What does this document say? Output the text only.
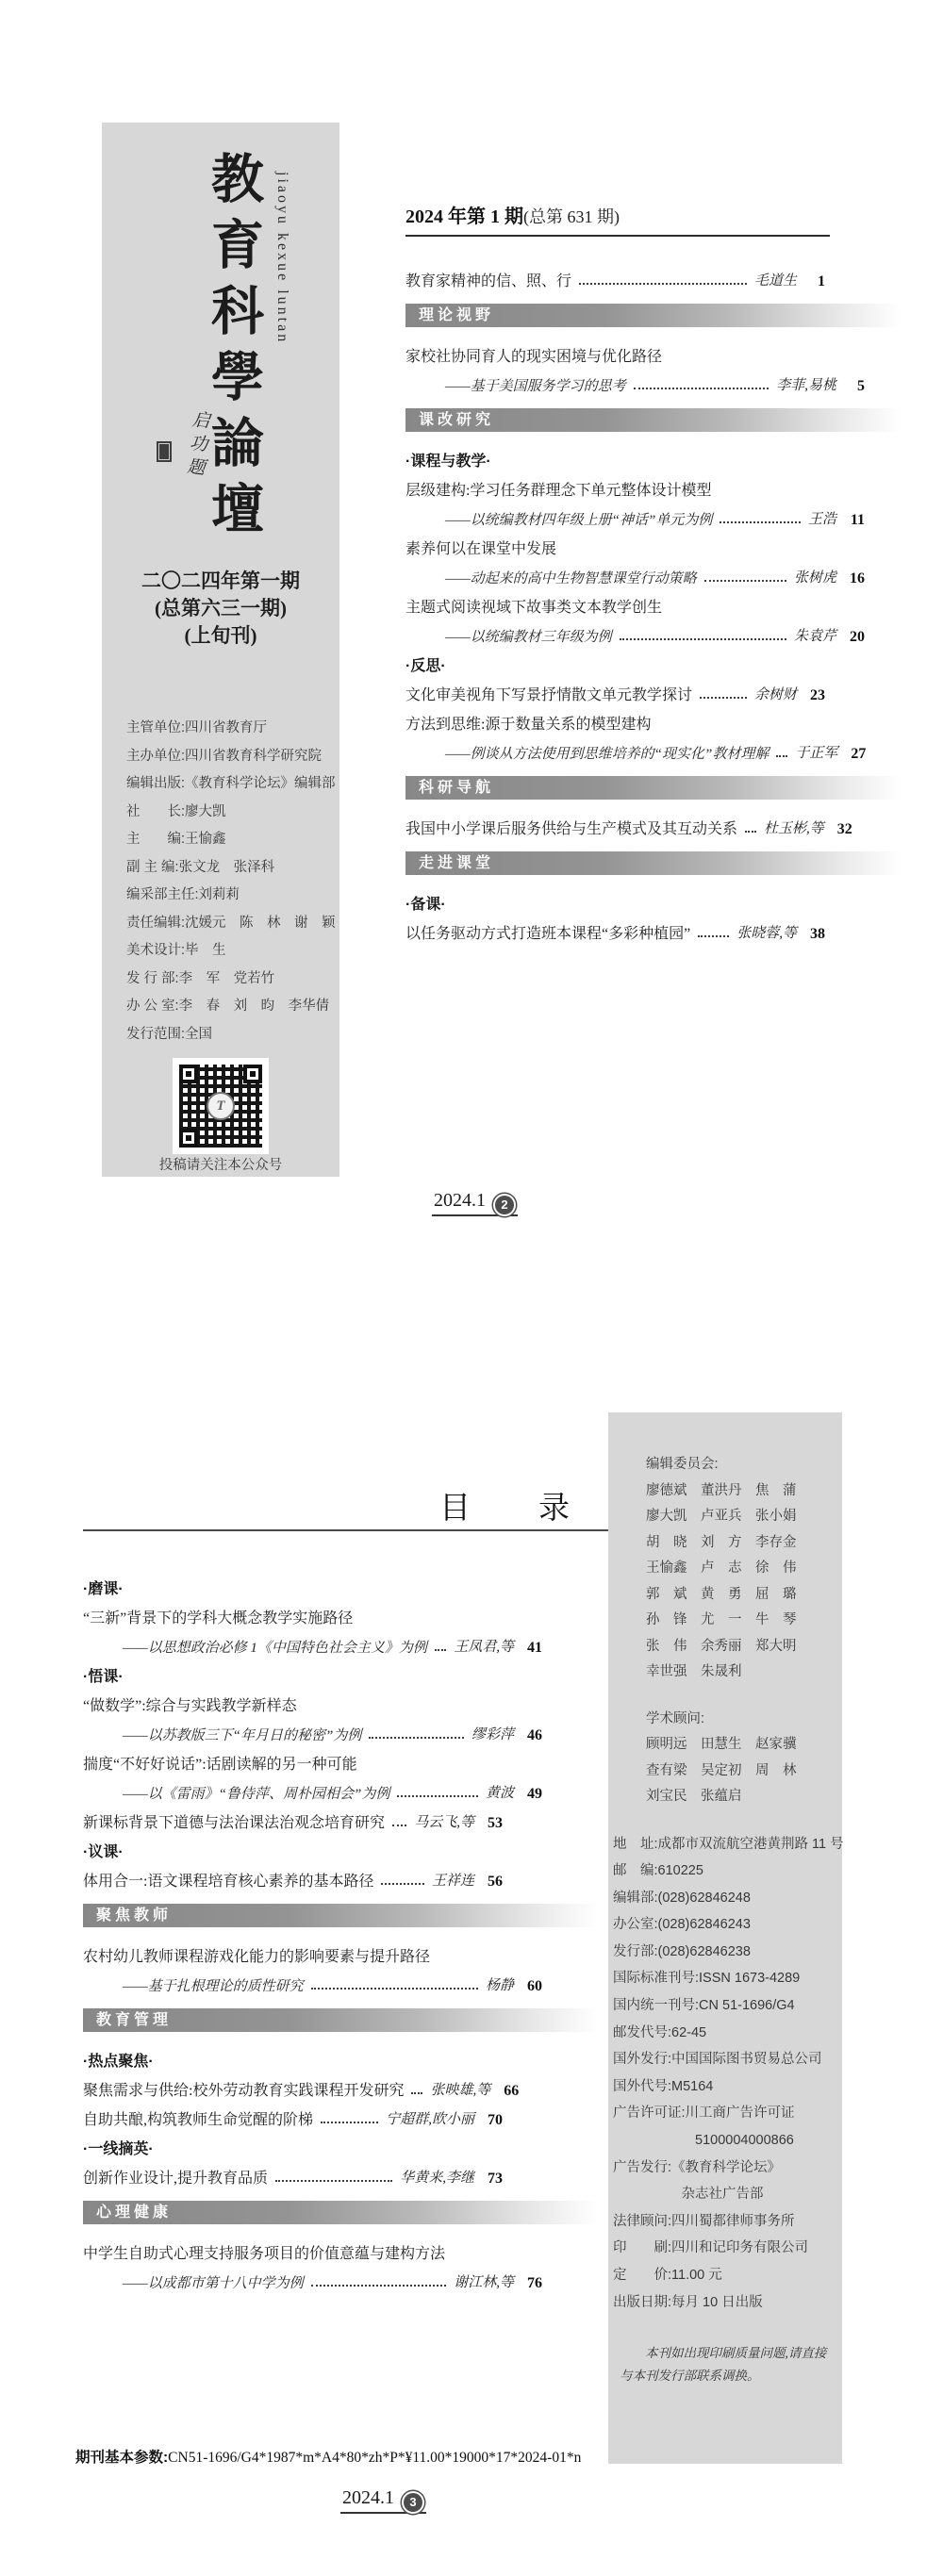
教育科學論壇 jiaoyu kexue luntan
启功题
二〇二四年第一期
(总第六三一期)
(上旬刊)
主管单位:四川省教育厅
主办单位:四川省教育科学研究院
编辑出版:《教育科学论坛》编辑部
社　　长:廖大凯
主　　编:王愉鑫
副 主 编:张文龙　张泽科
编采部主任:刘莉莉
责任编辑:沈媛元　陈　林　谢　颖
美术设计:毕　生
发 行 部:李　军　党若竹
办 公 室:李　春　刘　昀　李华倩
发行范围:全国
T
投稿请关注本公众号
2024 年第 1 期(总第 631 期)
教育家精神的信、照、行	毛道生	1
理论视野
家校社协同育人的现实困境与优化路径
——基于美国服务学习的思考	李菲,易桃	5
课改研究
·课程与教学·
层级建构:学习任务群理念下单元整体设计模型
——以统编教材四年级上册“神话”单元为例	王浩 11
素养何以在课堂中发展
——动起来的高中生物智慧课堂行动策略	张树虎 16
主题式阅读视域下故事类文本教学创生
——以统编教材三年级为例	朱袁芹 20
·反思·
文化审美视角下写景抒情散文单元教学探讨	余树财 23
方法到思维:源于数量关系的模型建构
——例谈从方法使用到思维培养的“现实化”教材理解 于正军 27
科研导航
我国中小学课后服务供给与生产模式及其互动关系 杜玉彬,等 32
走进课堂
·备课·
以任务驱动方式打造班本课程“多彩种植园”	张晓蓉,等 38
2024.1	2
目　　录
·磨课·
“三新”背景下的学科大概念教学实施路径
——以思想政治必修 1《中国特色社会主义》为例 王凤君,等 41
·悟课·
“做数学”:综合与实践教学新样态
——以苏教版三下“年月日的秘密”为例	缪彩萍 46
揣度“不好好说话”:话剧读解的另一种可能
——以《雷雨》“鲁侍萍、周朴园相会”为例	黄波 49
新课标背景下道德与法治课法治观念培育研究 马云飞,等 53
·议课·
体用合一:语文课程培育核心素养的基本路径	王祥连 56
聚焦教师
农村幼儿教师课程游戏化能力的影响要素与提升路径
——基于扎根理论的质性研究	杨静 60
教育管理
·热点聚焦·
聚焦需求与供给:校外劳动教育实践课程开发研究 张映雄,等 66
自助共酿,构筑教师生命觉醒的阶梯	宁超群,欧小丽 70
·一线摘英·
创新作业设计,提升教育品质	华黄来,李继 73
心理健康
中学生自助式心理支持服务项目的价值意蕴与建构方法
——以成都市第十八中学为例	谢江林,等 76
编辑委员会:
廖德斌　董洪丹　焦　蒲
廖大凯　卢亚兵　张小娟
胡　晓　刘　方　李存金
王愉鑫　卢　志　徐　伟
郭　斌　黄　勇　屈　璐
孙　锋　尤　一　牛　琴
张　伟　余秀丽　郑大明
幸世强　朱晟利
学术顾问:
顾明远　田慧生　赵家骥
查有梁　吴定初　周　林
刘宝民　张蕴启
地　址:成都市双流航空港黄荆路 11 号
邮　编:610225
编辑部:(028)62846248
办公室:(028)62846243
发行部:(028)62846238
国际标准刊号:ISSN 1673-4289
国内统一刊号:CN 51-1696/G4
邮发代号:62-45
国外发行:中国国际图书贸易总公司
国外代号:M5164
广告许可证:川工商广告许可证
　　　　　　5100004000866
广告发行:《教育科学论坛》
　　　　　杂志社广告部
法律顾问:四川蜀都律师事务所
印　　刷:四川和记印务有限公司
定　　价:11.00 元
出版日期:每月 10 日出版
本刊如出现印刷质量问题,请直接与本刊发行部联系调换。
期刊基本参数:CN51-1696/G4*1987*m*A4*80*zh*P*¥11.00*19000*17*2024-01*n
2024.1	3
